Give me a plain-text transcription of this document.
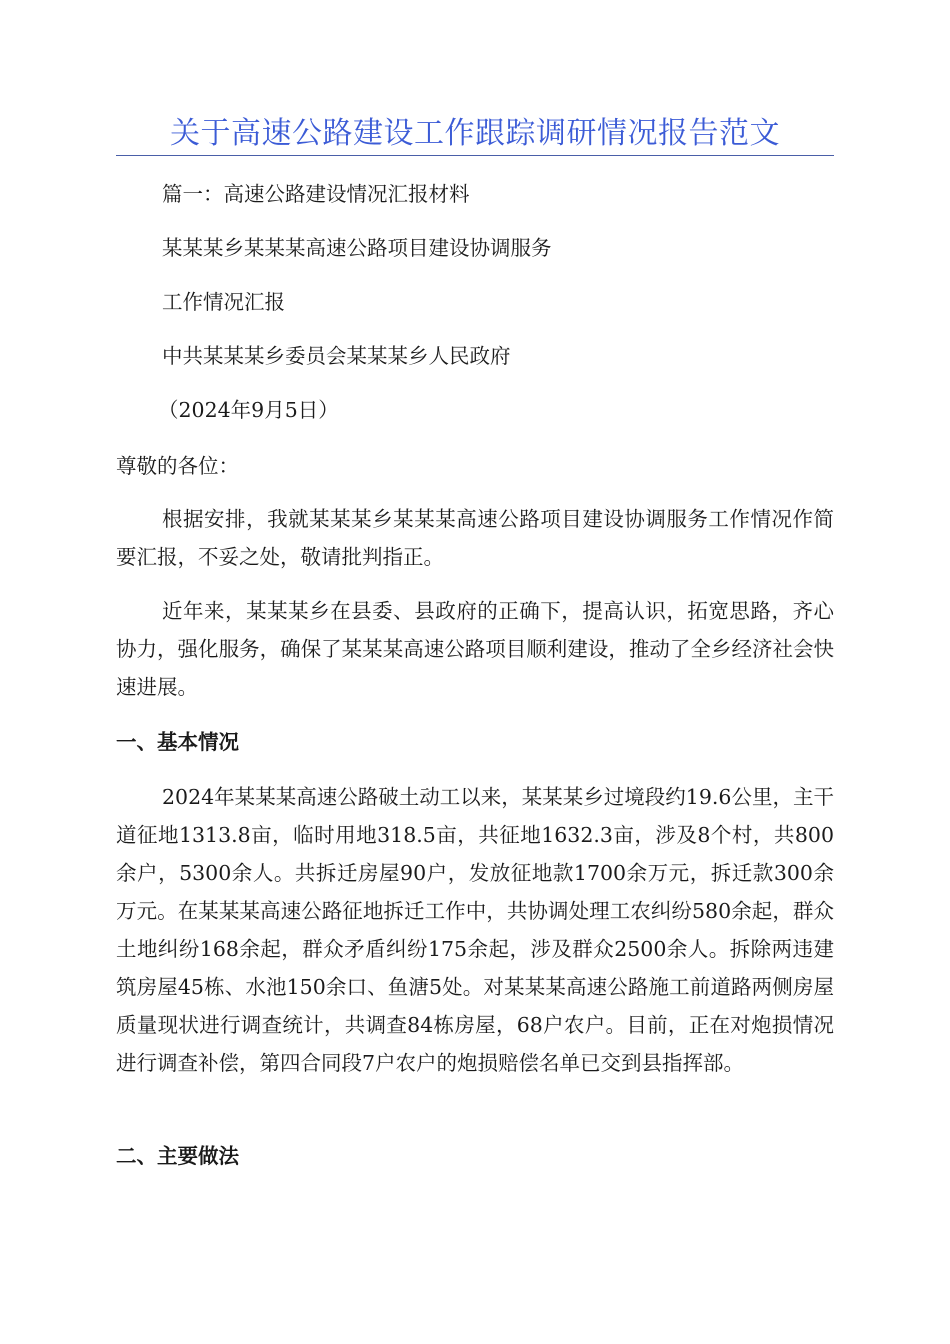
关于高速公路建设工作跟踪调研情况报告范文
篇一：高速公路建设情况汇报材料
某某某乡某某某高速公路项目建设协调服务
工作情况汇报
中共某某某乡委员会某某某乡人民政府
（2024年9月5日）
尊敬的各位：
根据安排，我就某某某乡某某某高速公路项目建设协调服务工作情况作简要汇报，不妥之处，敬请批判指正。
近年来，某某某乡在县委、县政府的正确下，提高认识，拓宽思路，齐心协力，强化服务，确保了某某某高速公路项目顺利建设，推动了全乡经济社会快速进展。
一、基本情况
2024年某某某高速公路破土动工以来，某某某乡过境段约19.6公里，主干道征地1313.8亩，临时用地318.5亩，共征地1632.3亩，涉及8个村，共800余户，5300余人。共拆迁房屋90户，发放征地款1700余万元，拆迁款300余万元。在某某某高速公路征地拆迁工作中，共协调处理工农纠纷580余起，群众土地纠纷168余起，群众矛盾纠纷175余起，涉及群众2500余人。拆除两违建筑房屋45栋、水池150余口、鱼溏5处。对某某某高速公路施工前道路两侧房屋质量现状进行调查统计，共调查84栋房屋，68户农户。目前，正在对炮损情况进行调查补偿，第四合同段7户农户的炮损赔偿名单已交到县指挥部。
二、主要做法
